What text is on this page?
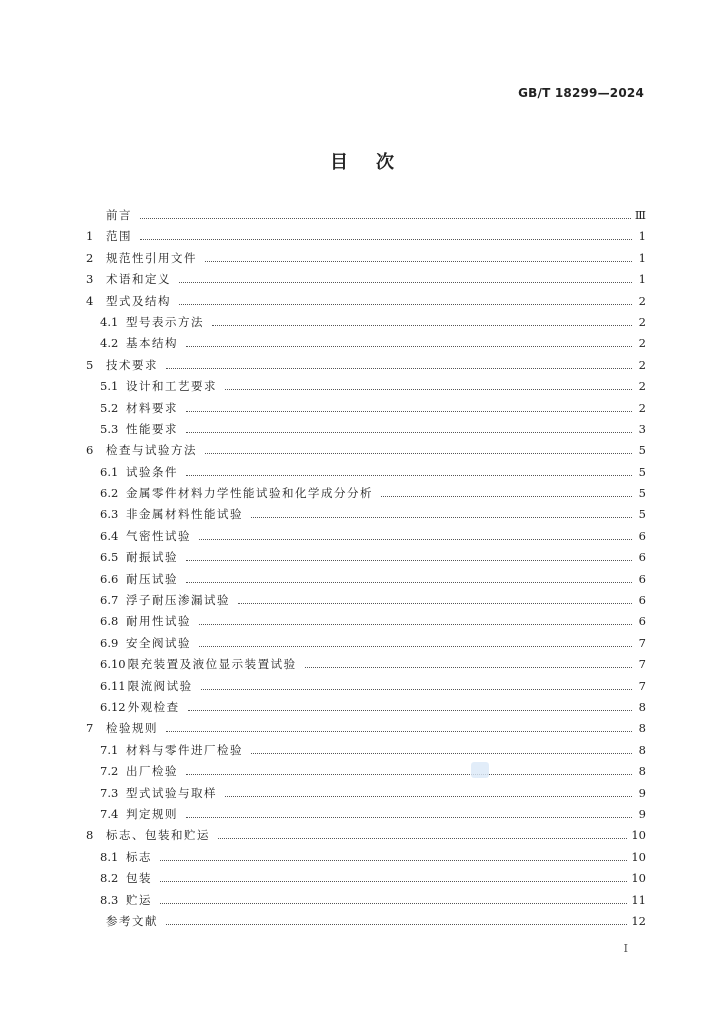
GB/T 18299—2024
目次
前言	Ⅲ
1	范围	1
2	规范性引用文件	1
3	术语和定义	1
4	型式及结构	2
4.1 型号表示方法	2
4.2 基本结构	2
5	技术要求	2
5.1 设计和工艺要求	2
5.2 材料要求	2
5.3 性能要求	3
6	检查与试验方法	5
6.1 试验条件	5
6.2 金属零件材料力学性能试验和化学成分分析	5
6.3 非金属材料性能试验	5
6.4 气密性试验	6
6.5 耐振试验	6
6.6 耐压试验	6
6.7 浮子耐压渗漏试验	6
6.8 耐用性试验	6
6.9 安全阀试验	7
6.10 限充装置及液位显示装置试验	7
6.11 限流阀试验	7
6.12 外观检查	8
7	检验规则	8
7.1 材料与零件进厂检验	8
7.2 出厂检验	8
7.3 型式试验与取样	9
7.4 判定规则	9
8	标志、包装和贮运	10
8.1 标志	10
8.2 包装	10
8.3 贮运	11
参考文献	12
I
